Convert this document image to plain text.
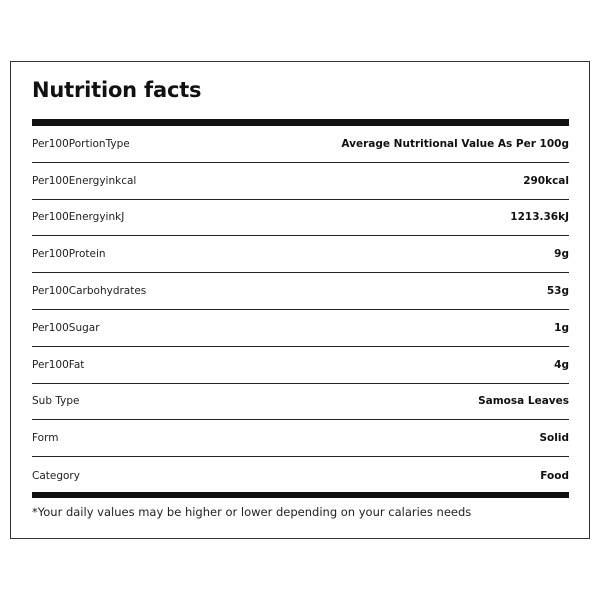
Nutrition facts
Per100PortionType	Average Nutritional Value As Per 100g
Per100Energyinkcal	290kcal
Per100EnergyinkJ	1213.36kJ
Per100Protein	9g
Per100Carbohydrates	53g
Per100Sugar	1g
Per100Fat	4g
Sub Type	Samosa Leaves
Form	Solid
Category	Food
*Your daily values may be higher or lower depending on your calaries needs
